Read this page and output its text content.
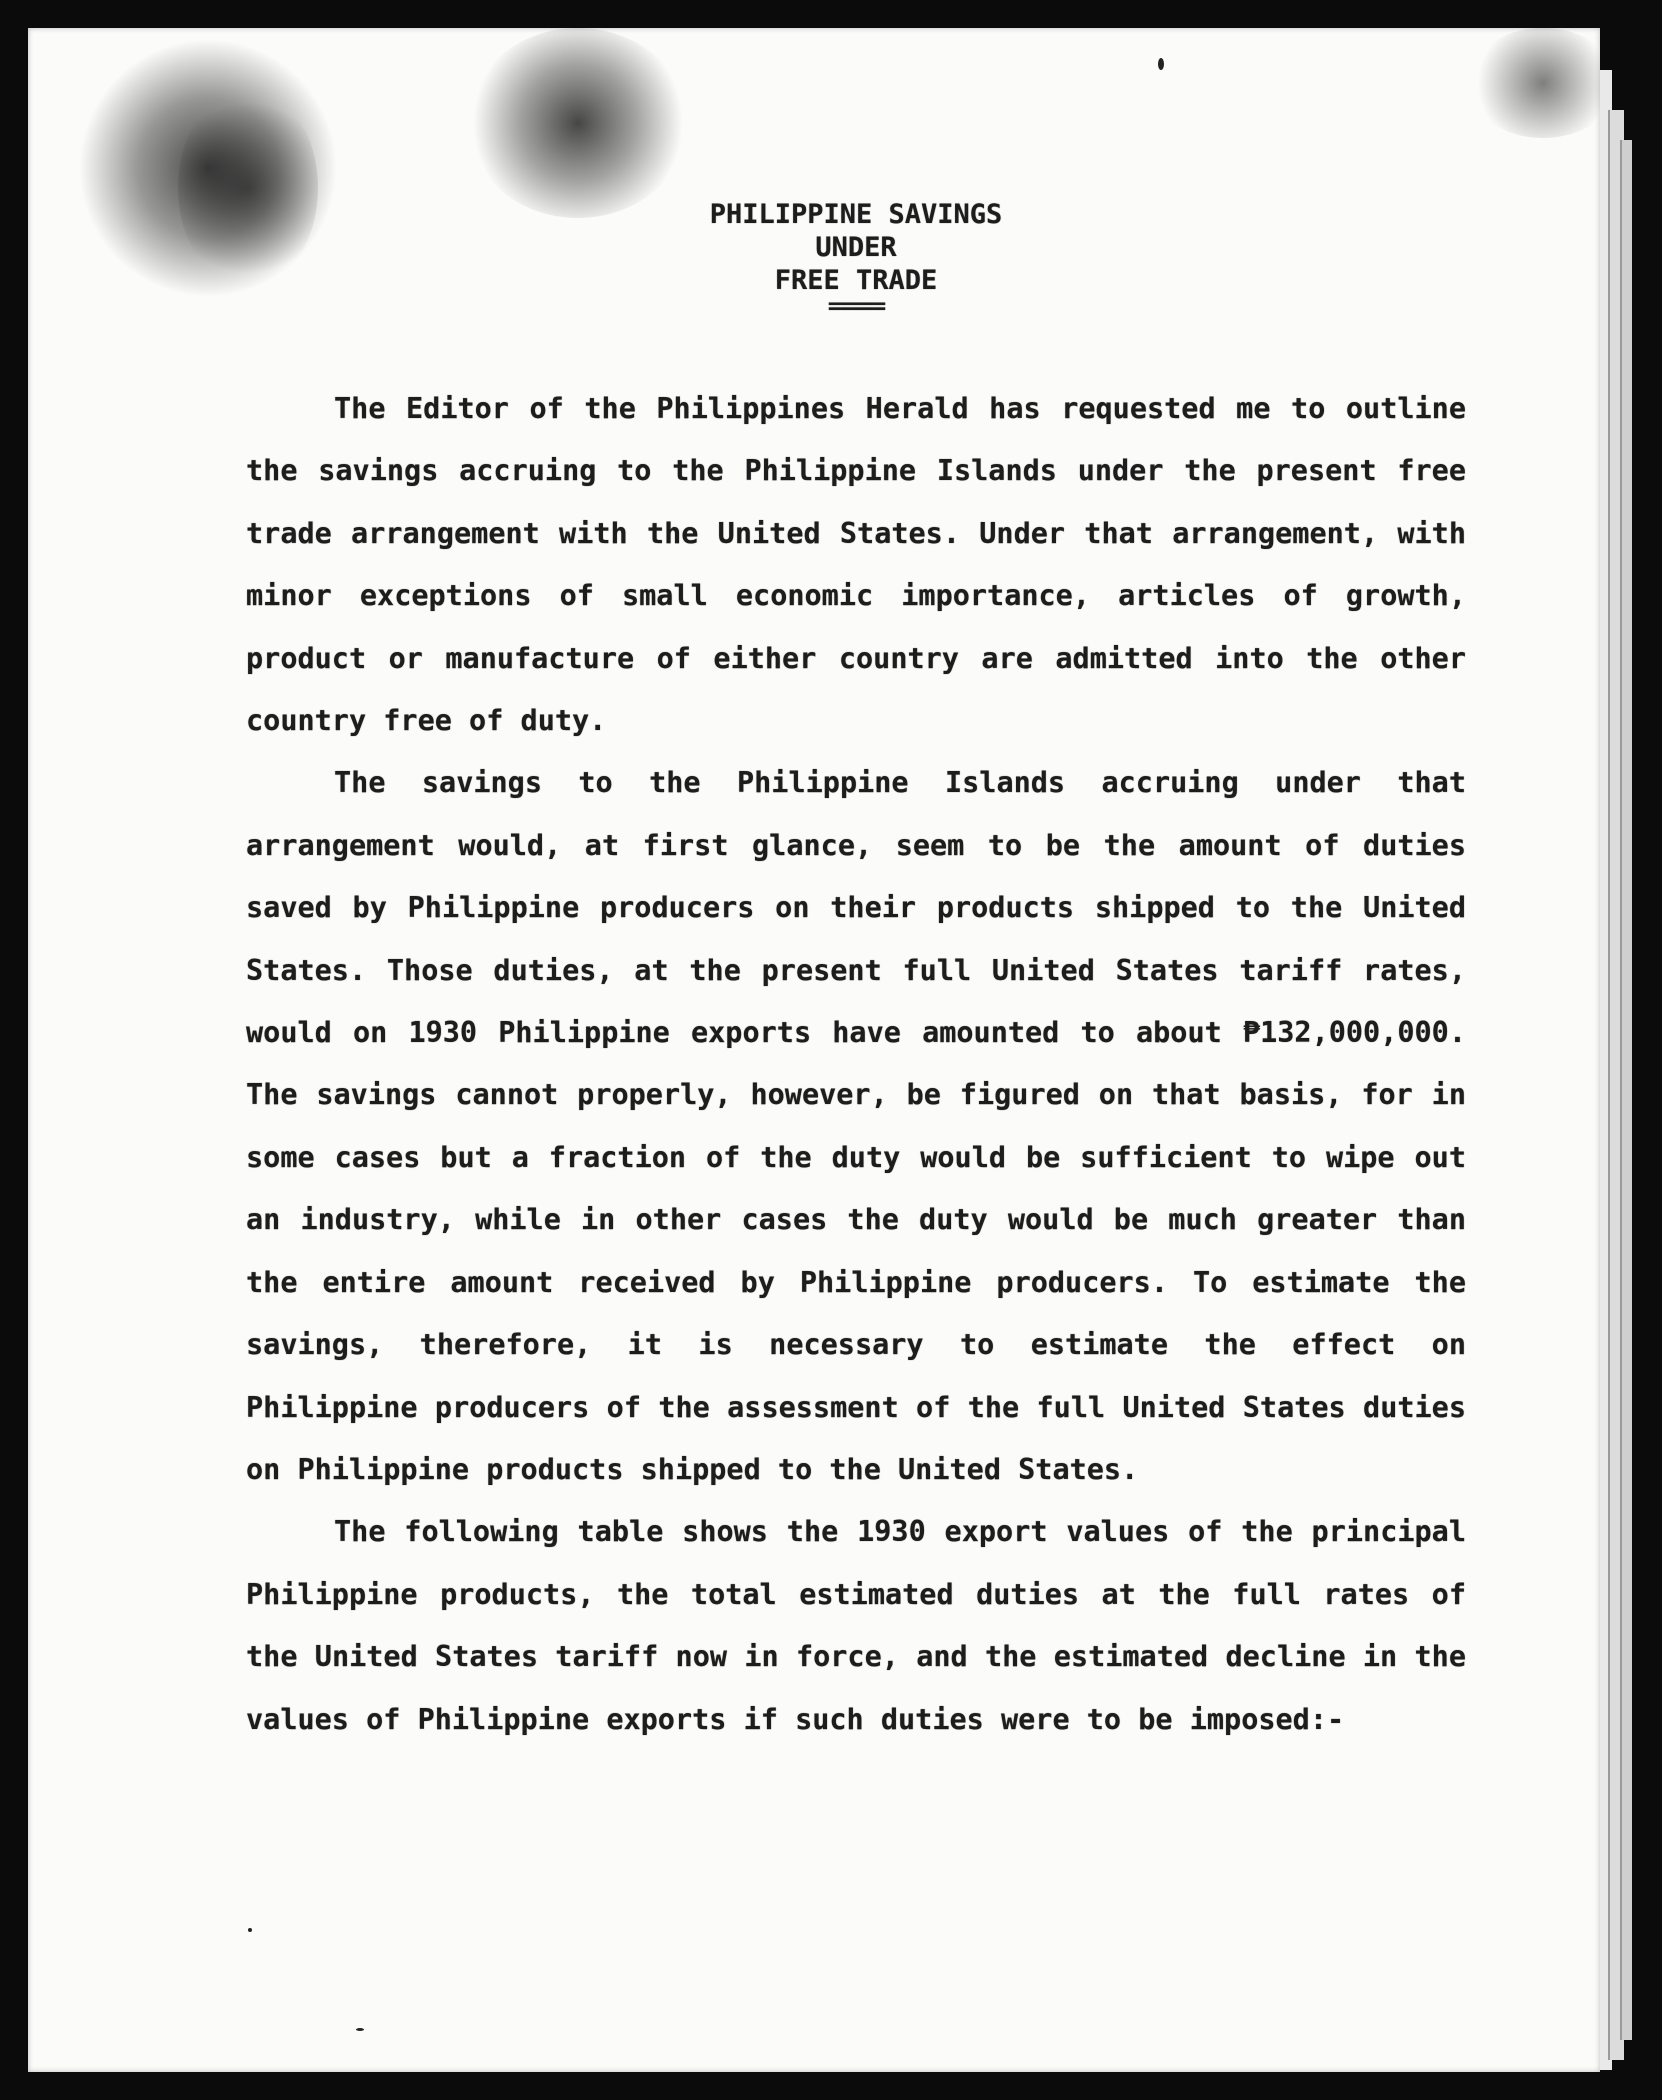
PHILIPPINE SAVINGS
UNDER
FREE TRADE
=====

The Editor of the Philippines Herald has requested me to outline the savings accruing to the Philippine Islands under the present free trade arrangement with the United States. Under that arrangement, with minor exceptions of small economic importance, articles of growth, product or manufacture of either country are admitted into the other country free of duty.

The savings to the Philippine Islands accruing under that arrangement would, at first glance, seem to be the amount of duties saved by Philippine producers on their products shipped to the United States. Those duties, at the present full United States tariff rates, would on 1930 Philippine exports have amounted to about ₱132,000,000. The savings cannot properly, however, be figured on that basis, for in some cases but a fraction of the duty would be sufficient to wipe out an industry, while in other cases the duty would be much greater than the entire amount received by Philippine producers. To estimate the savings, therefore, it is necessary to estimate the effect on Philippine producers of the assessment of the full United States duties on Philippine products shipped to the United States.

The following table shows the 1930 export values of the principal Philippine products, the total estimated duties at the full rates of the United States tariff now in force, and the estimated decline in the values of Philippine exports if such duties were to be imposed:-
